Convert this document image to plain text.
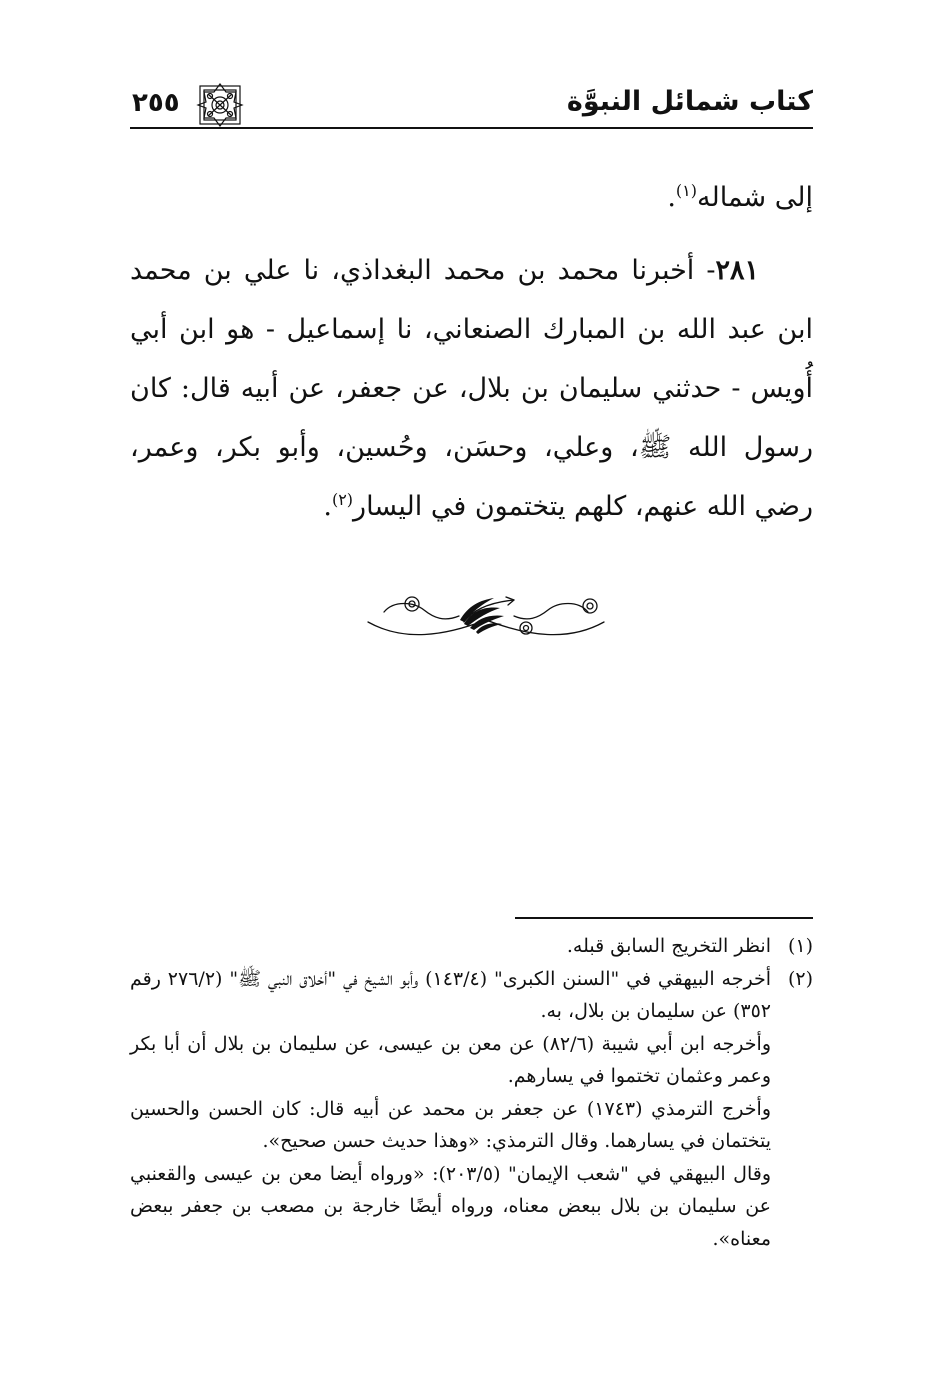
كتاب شمائل النبوَّة
٢٥٥

إلى شماله$^{(١)}$.

  ٢٨١- أخبرنا محمد بن محمد البغداذي، نا علي بن محمد ابن عبد الله بن المبارك الصنعاني، نا إسماعيل - هو ابن أبي أُويس - حدثني سليمان بن بلال، عن جعفر، عن أبيه قال: كان رسول الله ﷺ، وعلي، وحسَن، وحُسين، وأبو بكر، وعمر، رضي الله عنهم، كلهم يتختمون في اليسار$^{(٢)}$.

(١)

انظر التخريج السابق قبله.

(٢)

أخرجه البيهقي في "السنن الكبرى" (١٤٣/٤) وأبو الشيخ في "أخلاق النبي ﷺ" (٢٧٦/٢ رقم ٣٥٢) عن سليمان بن بلال، به.

وأخرجه ابن أبي شيبة (٨٢/٦) عن معن بن عيسى، عن سليمان بن بلال أن أبا بكر وعمر وعثمان تختموا في يسارهم.

وأخرج الترمذي (١٧٤٣) عن جعفر بن محمد عن أبيه قال: كان الحسن والحسين يتختمان في يسارهما. وقال الترمذي: «وهذا حديث حسن صحيح».

وقال البيهقي في "شعب الإيمان" (٢٠٣/٥): «ورواه أيضا معن بن عيسى والقعنبي عن سليمان بن بلال ببعض معناه، ورواه أيضًا خارجة بن مصعب بن جعفر ببعض معناه».
